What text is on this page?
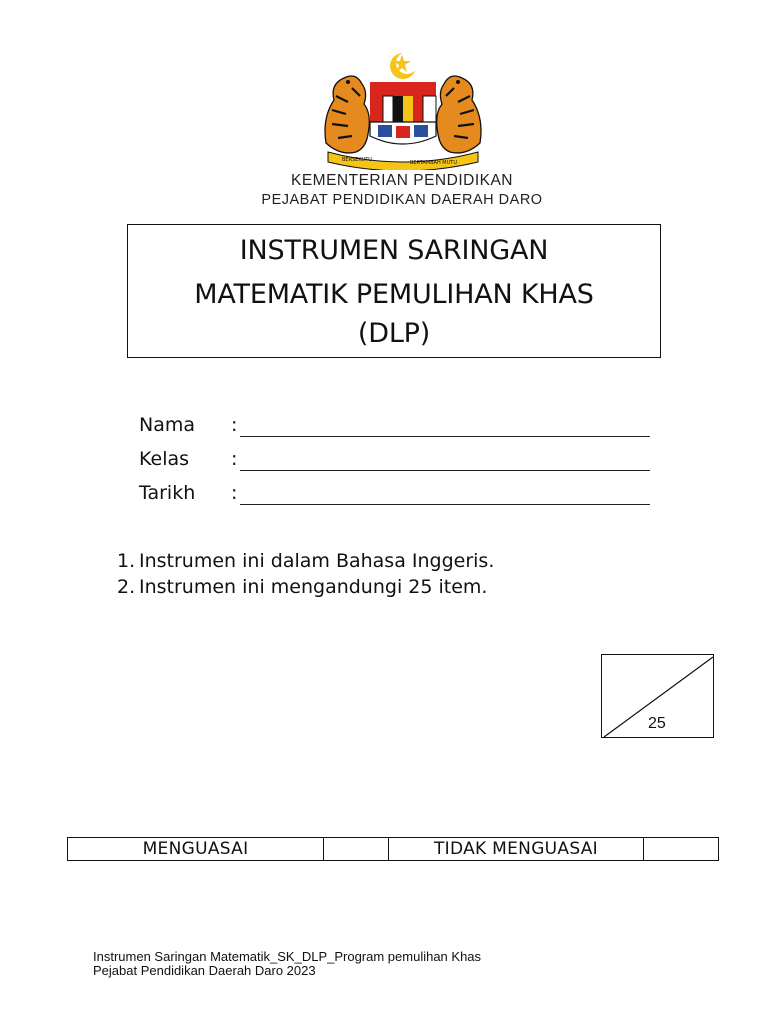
BERSEKUTU	BERTAMBAH MUTU
KEMENTERIAN PENDIDIKAN
PEJABAT PENDIDIKAN DAERAH DARO
INSTRUMEN SARINGAN
MATEMATIK PEMULIHAN KHAS
(DLP)
Nama :
Kelas :
Tarikh :
1. Instrumen ini dalam Bahasa Inggeris.
2. Instrumen ini mengandungi 25 item.
25
MENGUASAI		TIDAK MENGUASAI	
Instrumen Saringan Matematik_SK_DLP_Program pemulihan Khas
Pejabat Pendidikan Daerah Daro 2023
